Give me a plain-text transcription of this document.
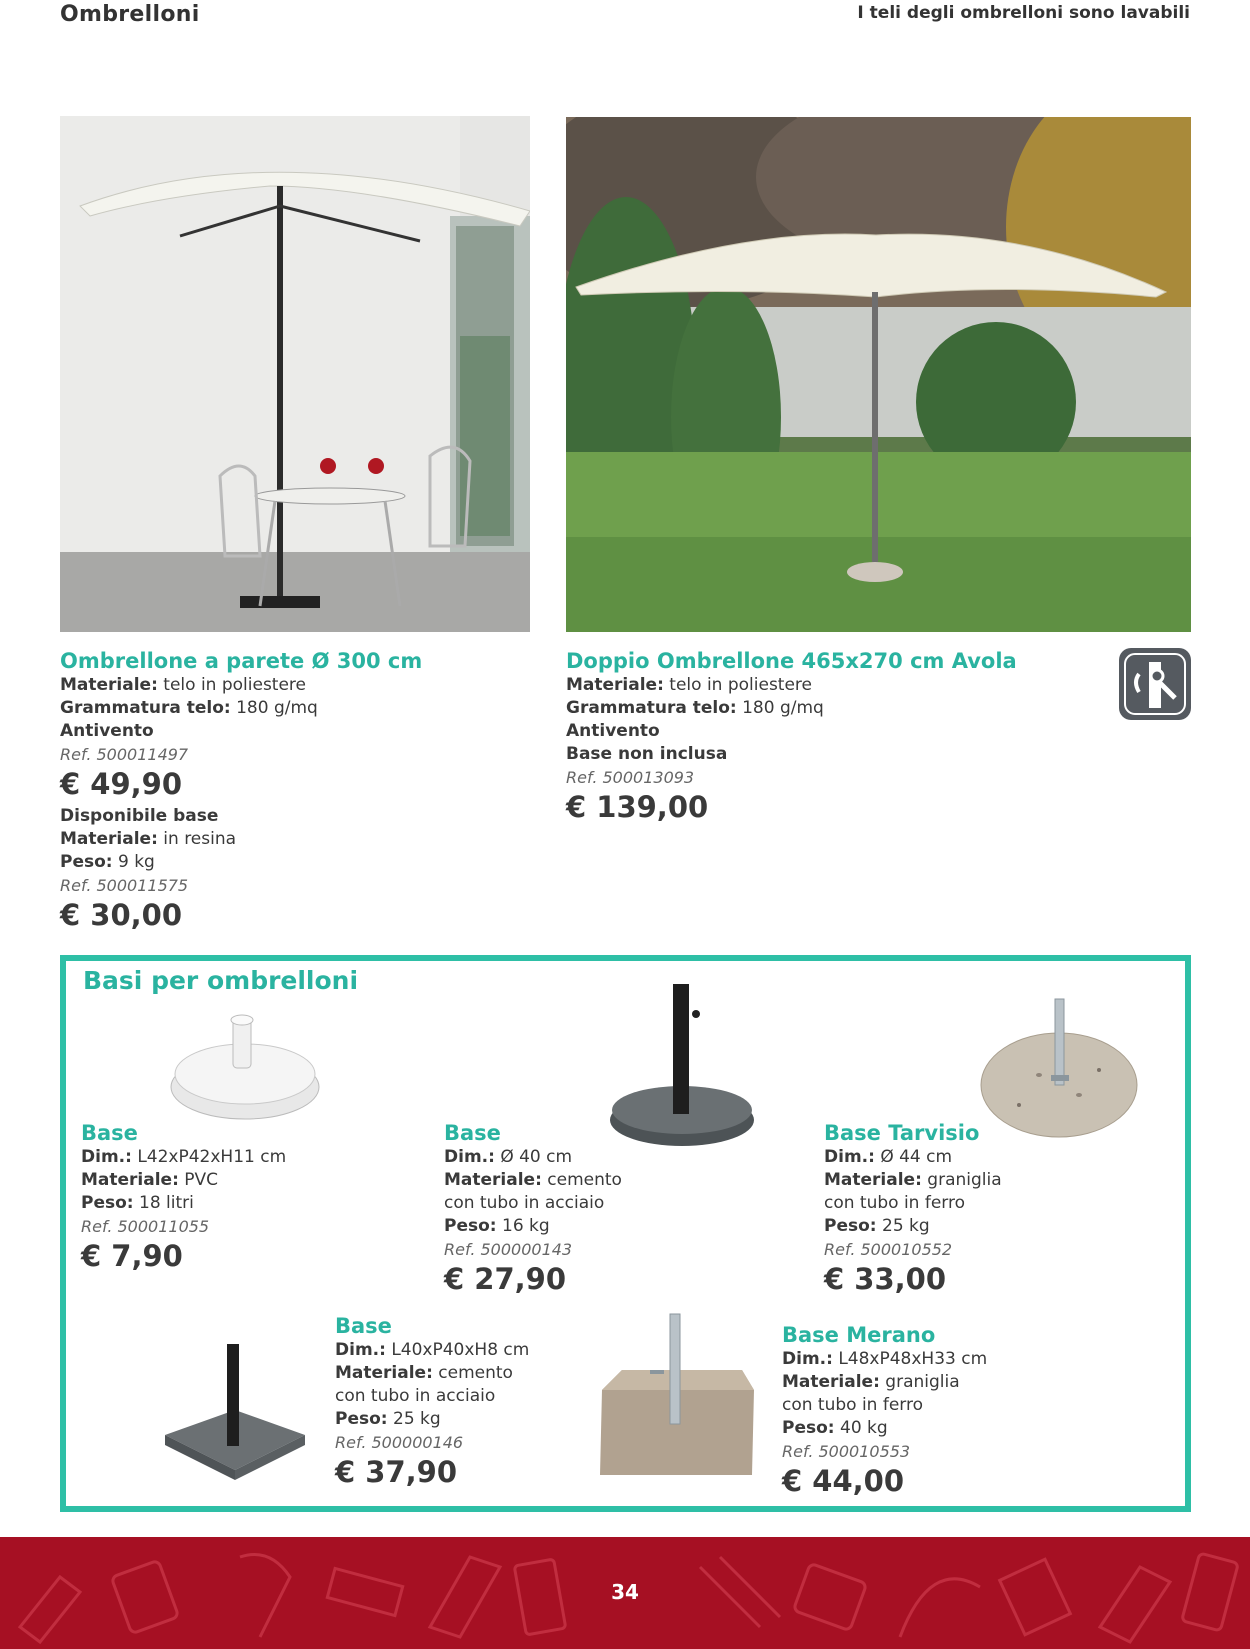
Ombrelloni	I teli degli ombrelloni sono lavabili
Ombrellone a parete Ø 300 cm
Materiale: telo in poliestere
Grammatura telo: 180 g/mq
Antivento
Ref. 500011497
€ 49,90
Disponibile base
Materiale: in resina
Peso: 9 kg
Ref. 500011575
€ 30,00
Doppio Ombrellone 465x270 cm Avola
Materiale: telo in poliestere
Grammatura telo: 180 g/mq
Antivento
Base non inclusa
Ref. 500013093
€ 139,00
Basi per ombrelloni
Base
Dim.: L42xP42xH11 cm
Materiale: PVC
Peso: 18 litri
Ref. 500011055
€ 7,90
Base
Dim.: Ø 40 cm
Materiale: cemento
con tubo in acciaio
Peso: 16 kg
Ref. 500000143
€ 27,90
Base Tarvisio
Dim.: Ø 44 cm
Materiale: graniglia
con tubo in ferro
Peso: 25 kg
Ref. 500010552
€ 33,00
Base
Dim.: L40xP40xH8 cm
Materiale: cemento
con tubo in acciaio
Peso: 25 kg
Ref. 500000146
€ 37,90
Base Merano
Dim.: L48xP48xH33 cm
Materiale: graniglia
con tubo in ferro
Peso: 40 kg
Ref. 500010553
€ 44,00
34
